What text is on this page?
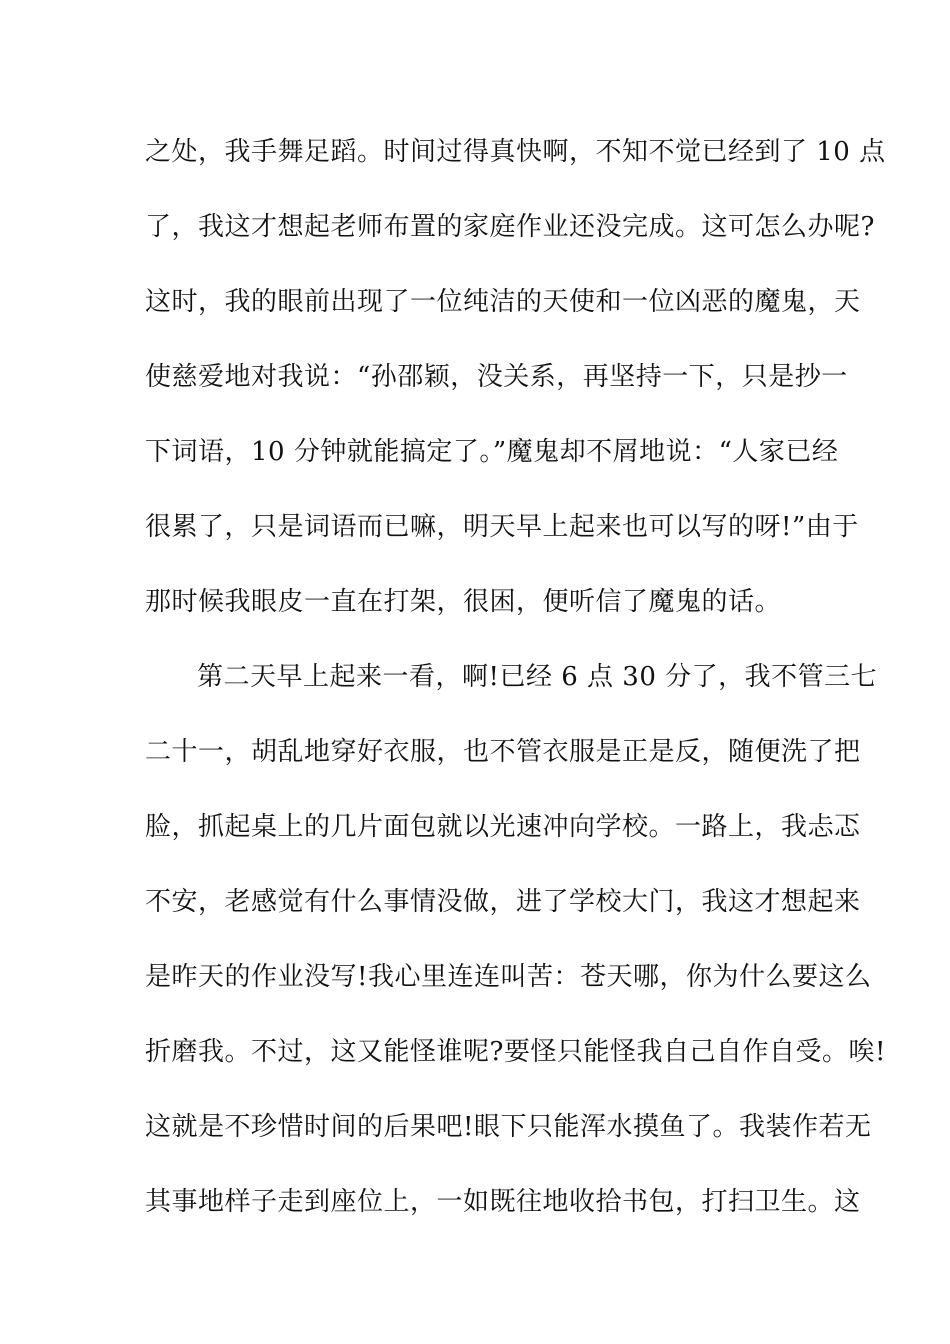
之处，我手舞足蹈。时间过得真快啊，不知不觉已经到了 10 点
了，我这才想起老师布置的家庭作业还没完成。这可怎么办呢?
这时，我的眼前出现了一位纯洁的天使和一位凶恶的魔鬼，天
使慈爱地对我说：“孙邵颖，没关系，再坚持一下，只是抄一
下词语，10 分钟就能搞定了。”魔鬼却不屑地说：“人家已经
很累了，只是词语而已嘛，明天早上起来也可以写的呀!”由于
那时候我眼皮一直在打架，很困，便听信了魔鬼的话。
第二天早上起来一看，啊!已经 6 点 30 分了，我不管三七
二十一，胡乱地穿好衣服，也不管衣服是正是反，随便洗了把
脸，抓起桌上的几片面包就以光速冲向学校。一路上，我忐忑
不安，老感觉有什么事情没做，进了学校大门，我这才想起来
是昨天的作业没写!我心里连连叫苦：苍天哪，你为什么要这么
折磨我。不过，这又能怪谁呢?要怪只能怪我自己自作自受。唉!
这就是不珍惜时间的后果吧!眼下只能浑水摸鱼了。我装作若无
其事地样子走到座位上，一如既往地收拾书包，打扫卫生。这
